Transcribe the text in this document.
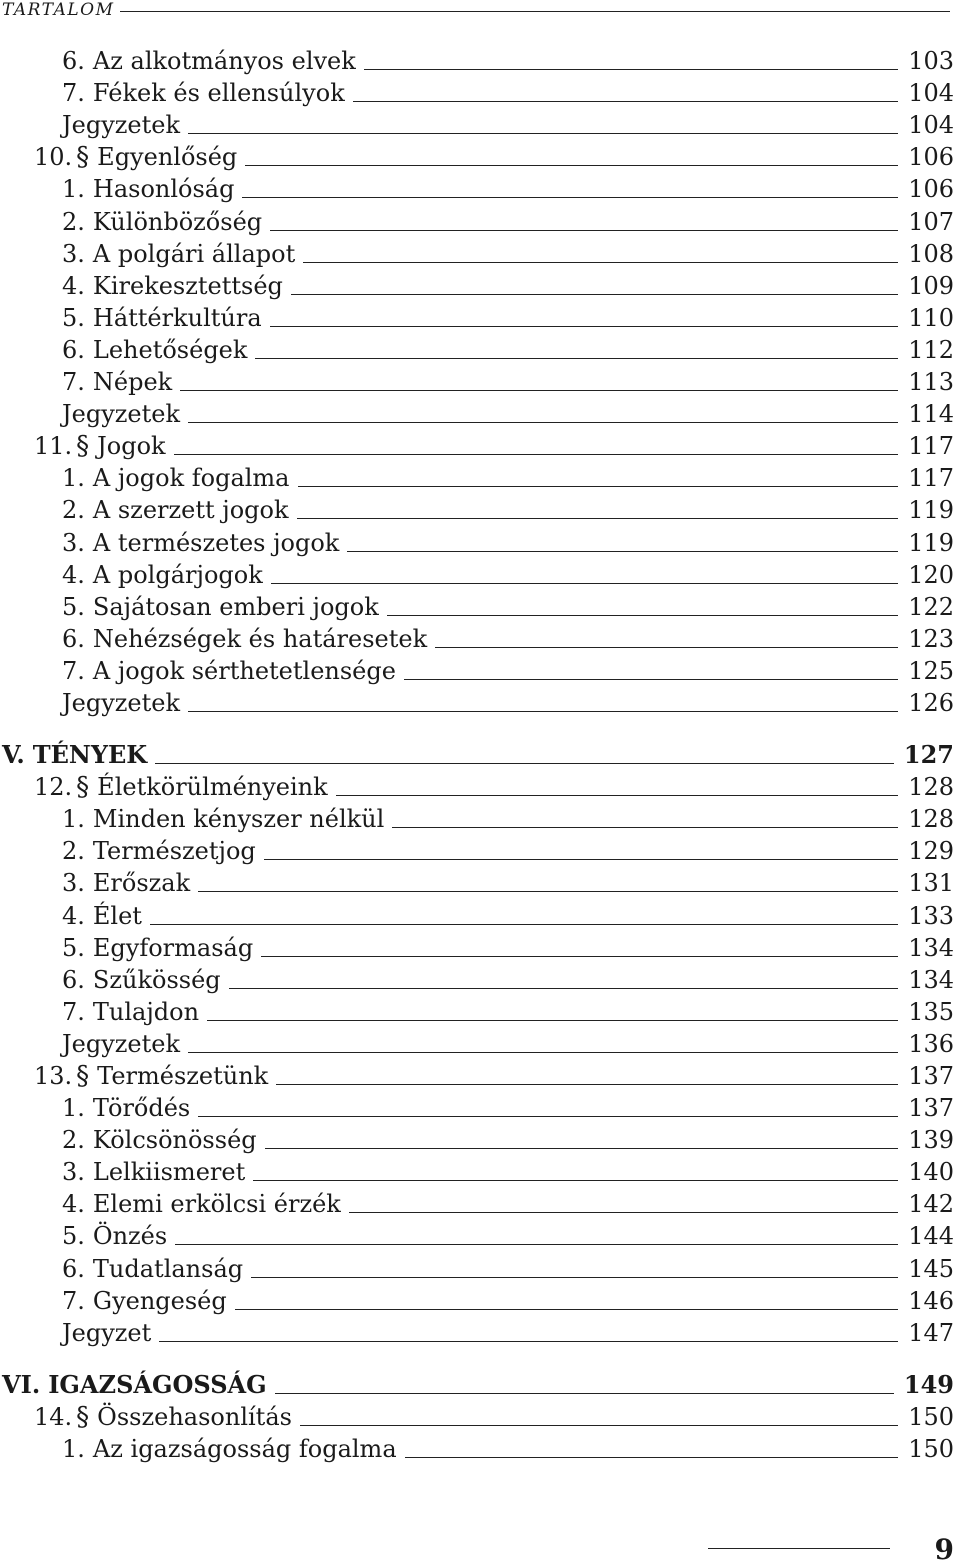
TARTALOM
6. Az alkotmányos elvek	103
7. Fékek és ellensúlyok	104
Jegyzetek	104
10. § Egyenlőség	106
1. Hasonlóság	106
2. Különbözőség	107
3. A polgári állapot	108
4. Kirekesztettség	109
5. Háttérkultúra	110
6. Lehetőségek	112
7. Népek	113
Jegyzetek	114
11. § Jogok	117
1. A jogok fogalma	117
2. A szerzett jogok	119
3. A természetes jogok	119
4. A polgárjogok	120
5. Sajátosan emberi jogok	122
6. Nehézségek és határesetek	123
7. A jogok sérthetetlensége	125
Jegyzetek	126
V. TÉNYEK	127
12. § Életkörülményeink	128
1. Minden kényszer nélkül	128
2. Természetjog	129
3. Erőszak	131
4. Élet	133
5. Egyformaság	134
6. Szűkösség	134
7. Tulajdon	135
Jegyzetek	136
13. § Természetünk	137
1. Törődés	137
2. Kölcsönösség	139
3. Lelkiismeret	140
4. Elemi erkölcsi érzék	142
5. Önzés	144
6. Tudatlanság	145
7. Gyengeség	146
Jegyzet	147
VI. IGAZSÁGOSSÁG	149
14. § Összehasonlítás	150
1. Az igazságosság fogalma	150
9
